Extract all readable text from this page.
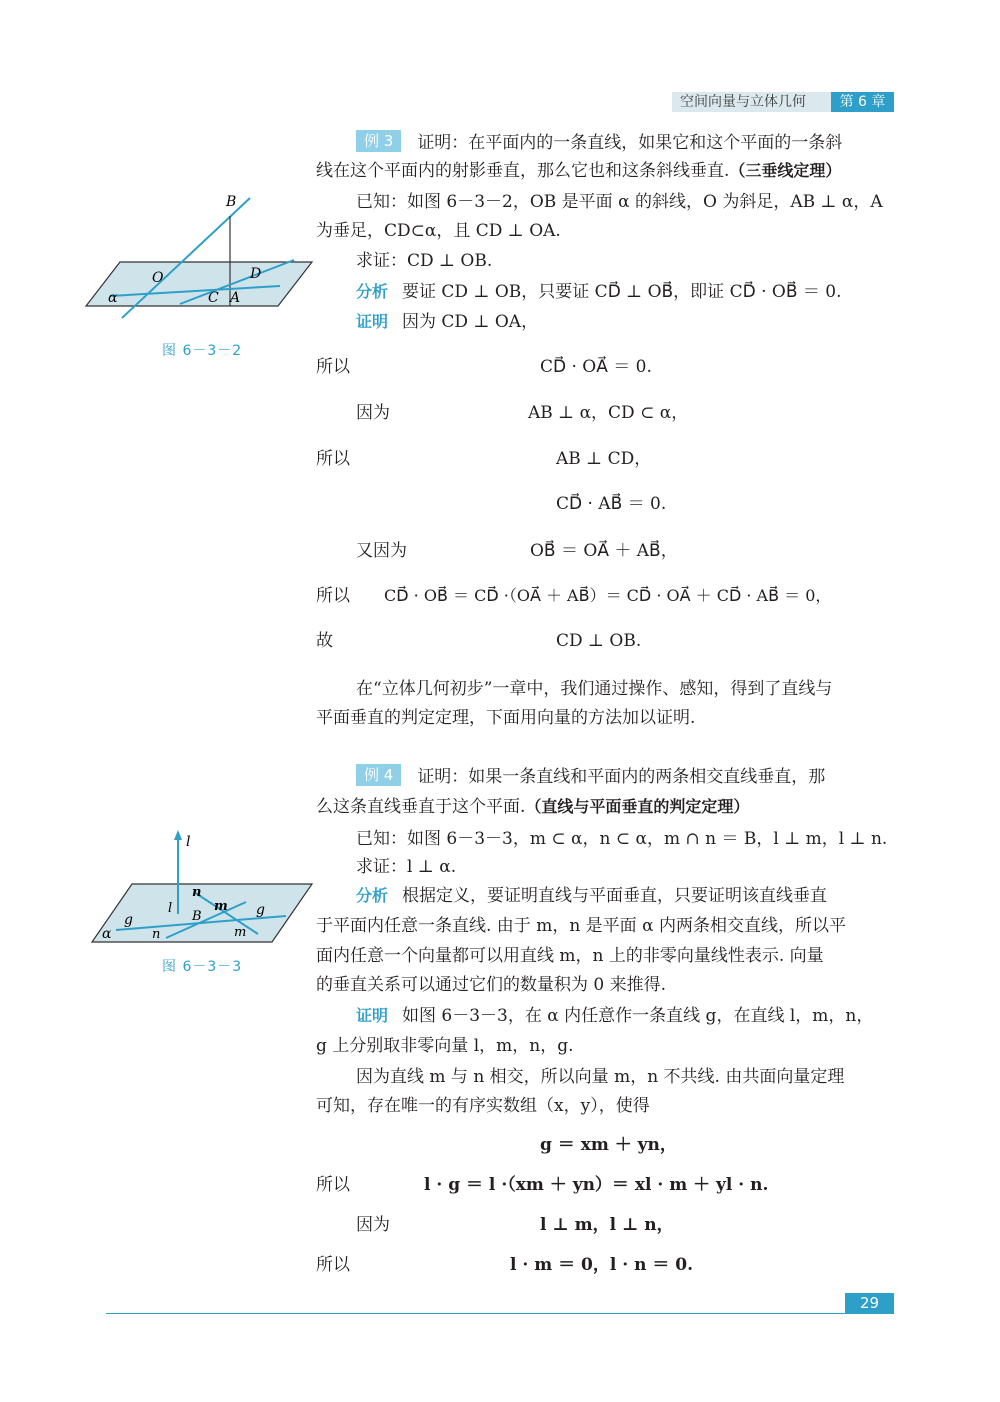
空间向量与立体几何	第 6 章
B
O	D
α	C A
图 6－3－2
例 3 证明：在平面内的一条直线，如果它和这个平面的一条斜
线在这个平面内的射影垂直，那么它也和这条斜线垂直.（三垂线定理）
已知：如图 6－3－2，OB 是平面 α 的斜线，O 为斜足，AB ⊥ α，A
为垂足，CD⊂α，且 CD ⊥ OA.
求证：CD ⊥ OB.
分析 要证 CD ⊥ OB，只要证 CD⃗ ⊥ OB⃗，即证 CD⃗ · OB⃗ ＝ 0.
证明 因为 CD ⊥ OA，
所以	CD⃗ · OA⃗ ＝ 0.
因为	AB ⊥ α，CD ⊂ α，
所以	AB ⊥ CD，
CD⃗ · AB⃗ ＝ 0.
又因为	OB⃗ ＝ OA⃗ ＋ AB⃗，
所以 CD⃗ · OB⃗ ＝ CD⃗ ·（OA⃗ ＋ AB⃗）＝ CD⃗ · OA⃗ ＋ CD⃗ · AB⃗ ＝ 0，
故	CD ⊥ OB.
在“立体几何初步”一章中，我们通过操作、感知，得到了直线与
平面垂直的判定定理，下面用向量的方法加以证明.
l
n
l	m
B	g
g
α	n	m
图 6－3－3
例 4 证明：如果一条直线和平面内的两条相交直线垂直，那
么这条直线垂直于这个平面.（直线与平面垂直的判定定理）
已知：如图 6－3－3，m ⊂ α，n ⊂ α，m ∩ n ＝ B，l ⊥ m，l ⊥ n.
求证：l ⊥ α.
分析 根据定义，要证明直线与平面垂直，只要证明该直线垂直
于平面内任意一条直线. 由于 m，n 是平面 α 内两条相交直线，所以平
面内任意一个向量都可以用直线 m，n 上的非零向量线性表示. 向量
的垂直关系可以通过它们的数量积为 0 来推得.
证明 如图 6－3－3，在 α 内任意作一条直线 g，在直线 l，m，n，
g 上分别取非零向量 l，m，n，g.
因为直线 m 与 n 相交，所以向量 m，n 不共线. 由共面向量定理
可知，存在唯一的有序实数组（x，y），使得
g ＝ xm ＋ yn，
所以	l · g ＝ l ·（xm ＋ yn）＝ xl · m ＋ yl · n.
因为	l ⊥ m，l ⊥ n，
所以	l · m ＝ 0，l · n ＝ 0.
29
